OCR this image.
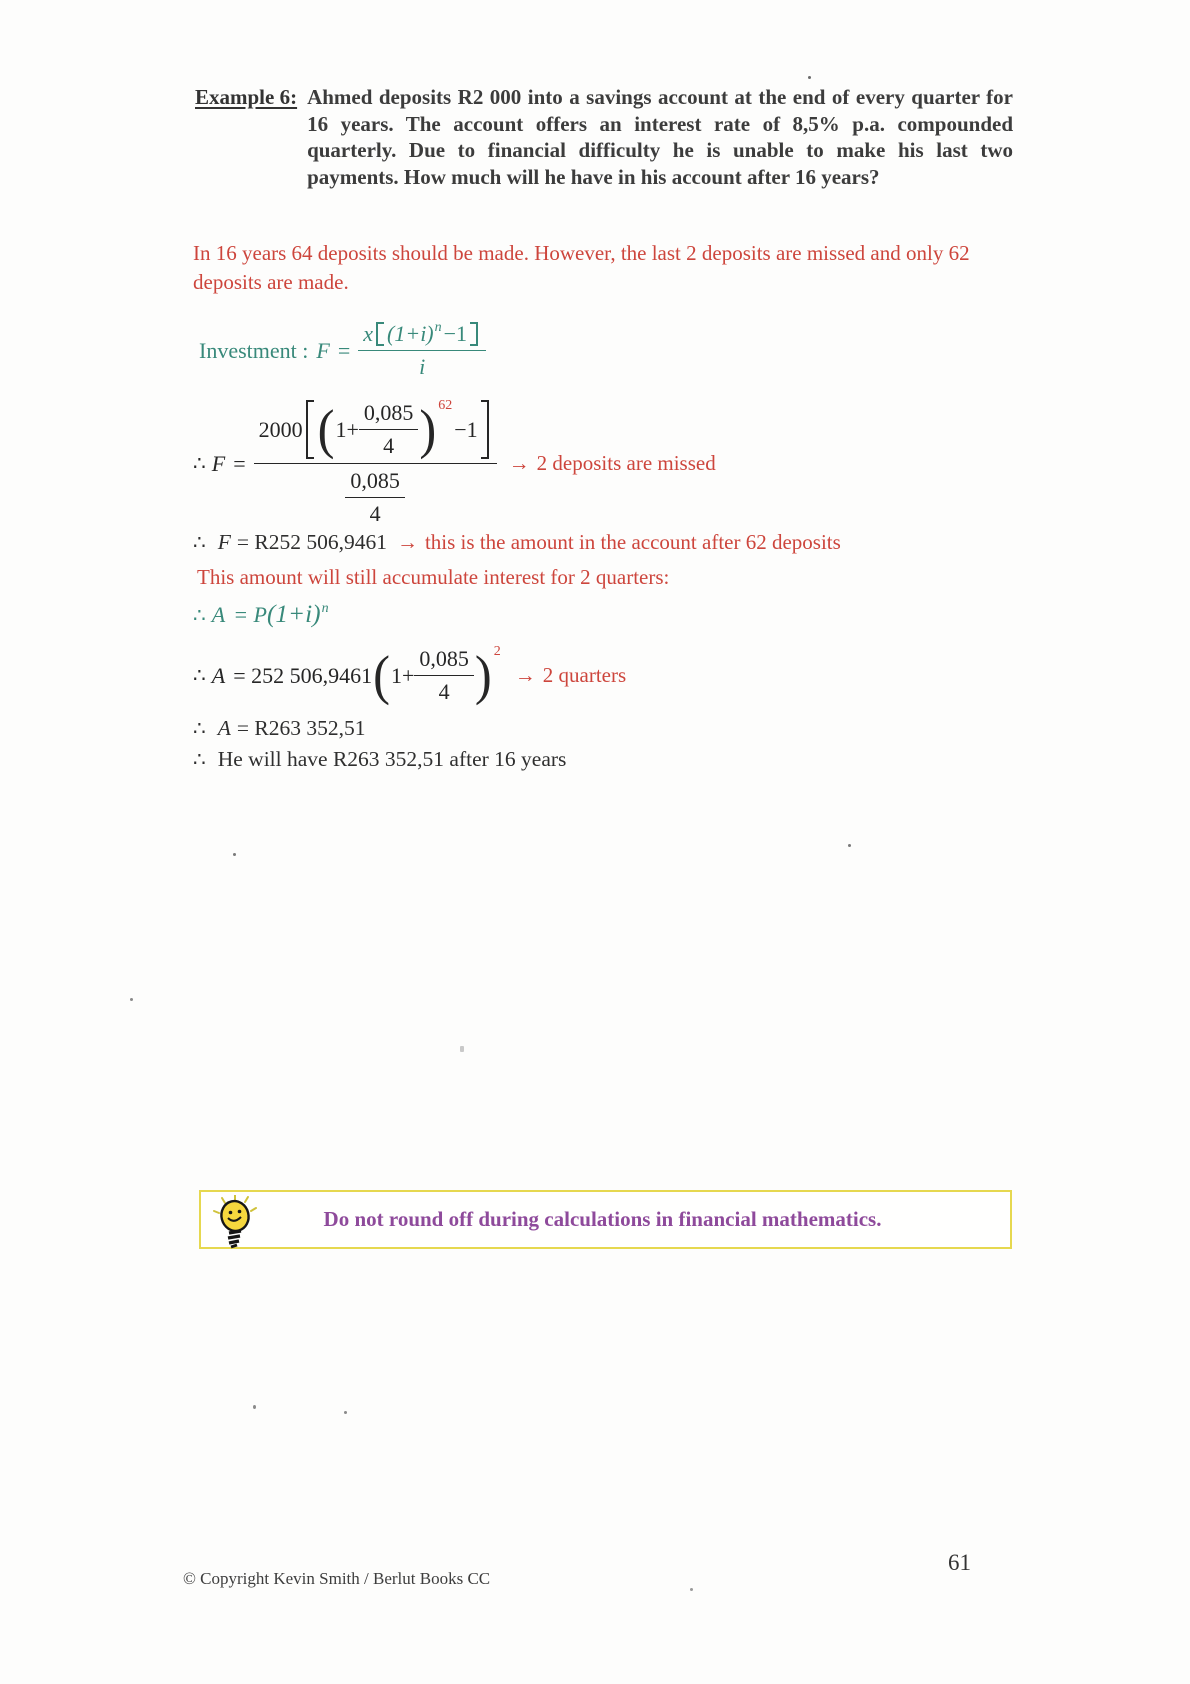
Example 6: Ahmed deposits R2 000 into a savings account at the end of every quarter for 16 years. The account offers an interest rate of 8,5% p.a. compounded quarterly. Due to financial difficulty he is unable to make his last two payments. How much will he have in his account after 16 years?

In 16 years 64 deposits should be made. However, the last 2 deposits are missed and only 62 deposits are made.

Investment : $F = \frac{x (1+i) n -1}{i}$
∴ F =
2000 ( $1+ \frac{0,085}{4}$ ) 62
−1
$\frac{0,085}{4}$
→ 2 deposits are missed
∴ F = R252 506,9461 → this is the amount in the account after 62 deposits

This amount will still accumulate interest for 2 quarters:

∴ A = P (1+i) n
∴ A = 252 506,9461 ( $1+ \frac{0,085}{4}$ ) 2
→ 2 quarters
∴ A = R263 352,51
∴ He will have R263 352,51 after 16 years
Do not round off during calculations in financial mathematics.

© Copyright Kevin Smith / Berlut Books CC

61
